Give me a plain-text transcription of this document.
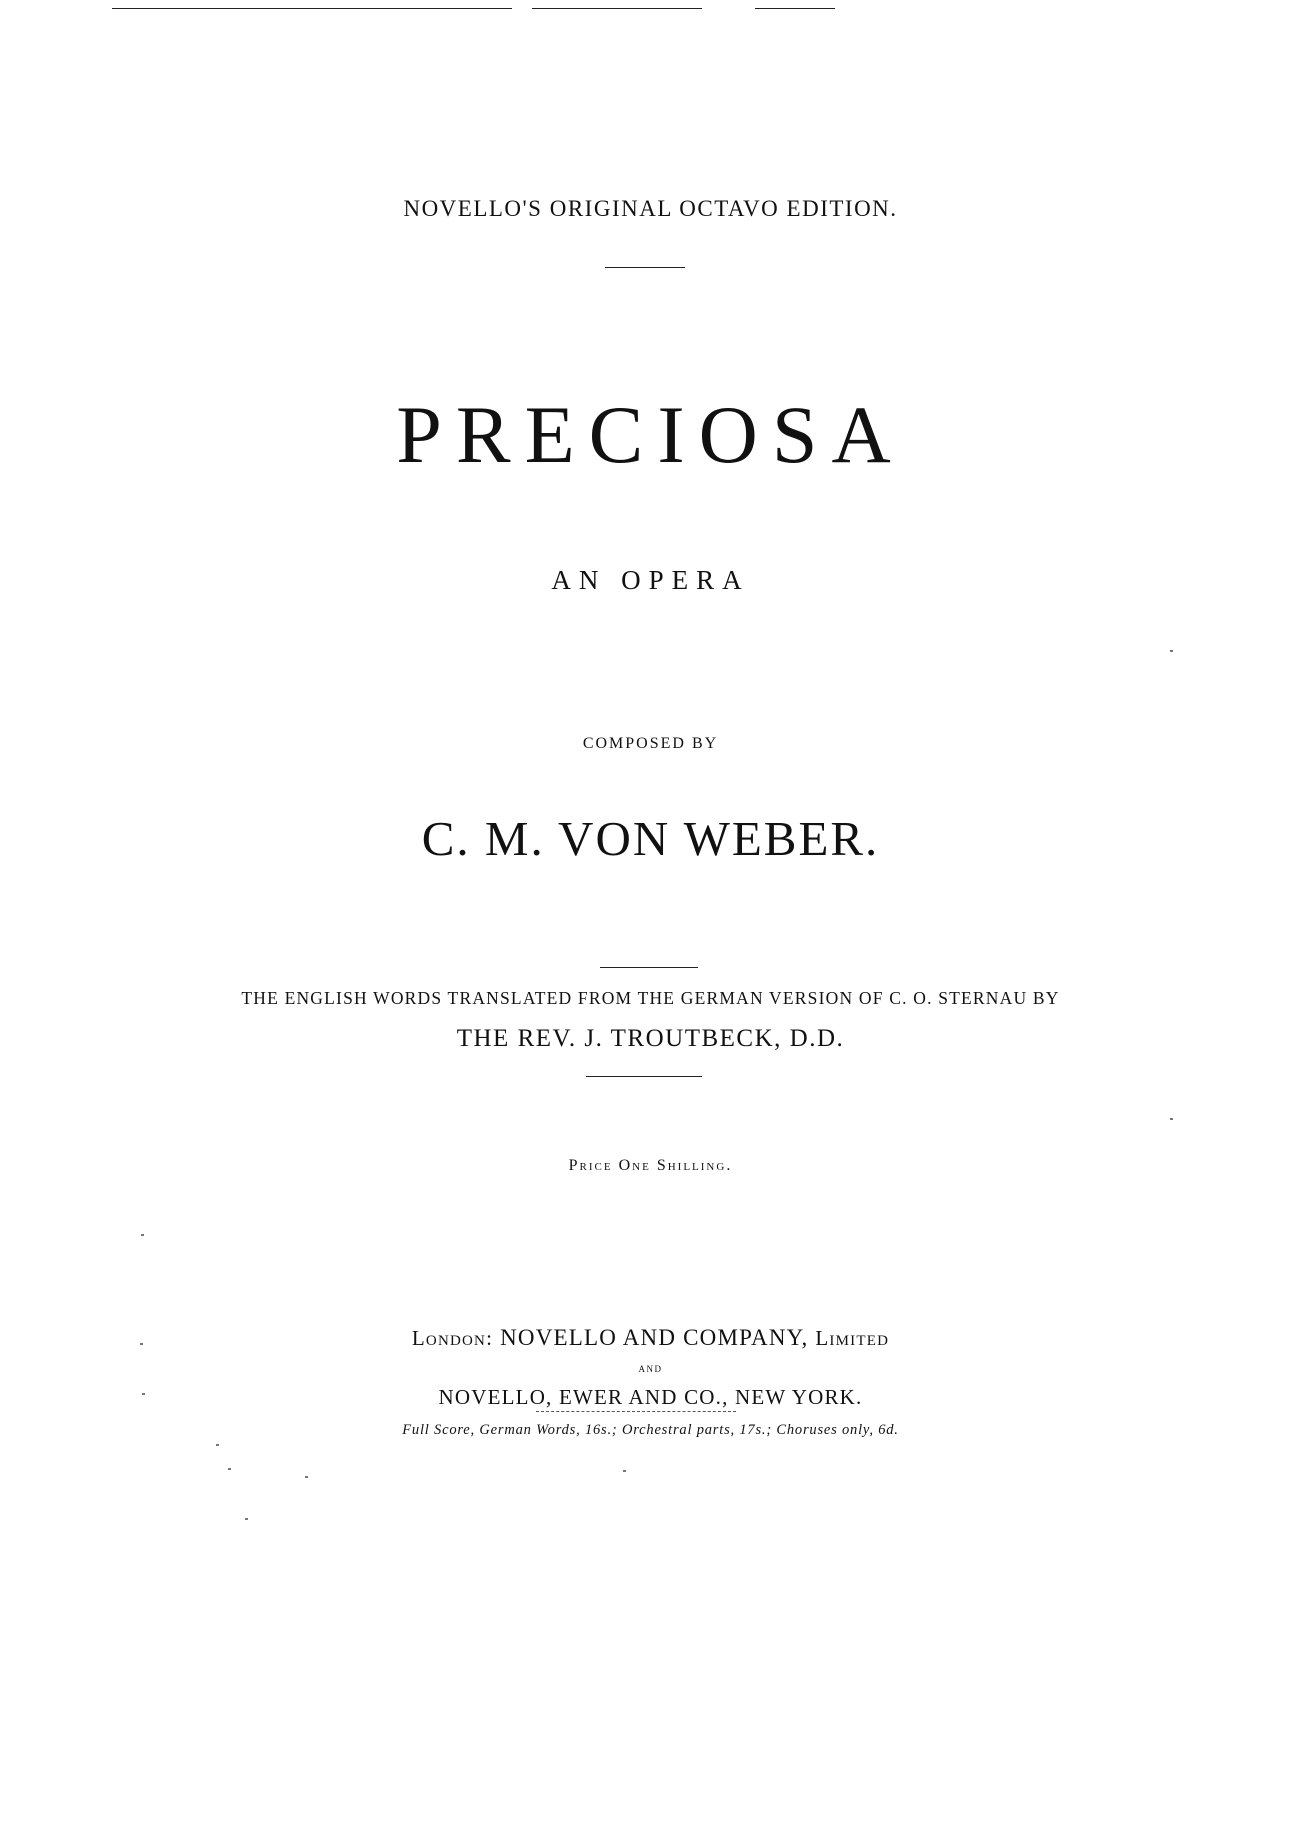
NOVELLO'S ORIGINAL OCTAVO EDITION.
PRECIOSA
AN OPERA
COMPOSED BY
C. M. VON WEBER.
THE ENGLISH WORDS TRANSLATED FROM THE GERMAN VERSION OF C. O. STERNAU BY
THE REV. J. TROUTBECK, D.D.
Price One Shilling.
London: NOVELLO AND COMPANY, Limited
and
NOVELLO, EWER AND CO., NEW YORK.
Full Score, German Words, 16s.; Orchestral parts, 17s.; Choruses only, 6d.
